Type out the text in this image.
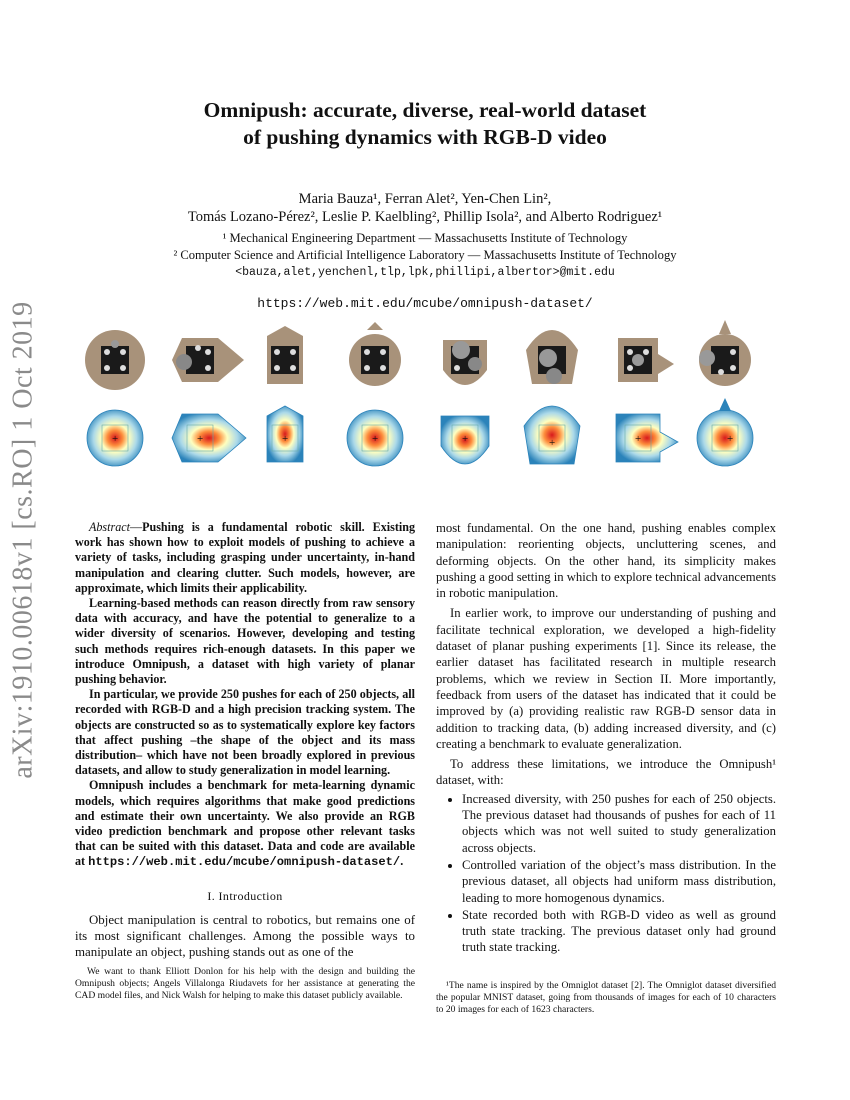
arXiv:1910.00618v1 [cs.RO] 1 Oct 2019
Omnipush: accurate, diverse, real-world dataset
of pushing dynamics with RGB-D video
Maria Bauza¹, Ferran Alet², Yen-Chen Lin²,
Tomás Lozano-Pérez², Leslie P. Kaelbling², Phillip Isola², and Alberto Rodriguez¹
¹ Mechanical Engineering Department — Massachusetts Institute of Technology
² Computer Science and Artificial Intelligence Laboratory — Massachusetts Institute of Technology
<bauza,alet,yenchenl,tlp,lpk,phillipi,albertor>@mit.edu
https://web.mit.edu/mcube/omnipush-dataset/
+	+	+	+	+	+	+	+

Abstract—Pushing is a fundamental robotic skill. Existing work has shown how to exploit models of pushing to achieve a variety of tasks, including grasping under uncertainty, in-hand manipulation and clearing clutter. Such models, however, are approximate, which limits their applicability.

Learning-based methods can reason directly from raw sensory data with accuracy, and have the potential to generalize to a wider diversity of scenarios. However, developing and testing such methods requires rich-enough datasets. In this paper we introduce Omnipush, a dataset with high variety of planar pushing behavior.

In particular, we provide 250 pushes for each of 250 objects, all recorded with RGB-D and a high precision tracking system. The objects are constructed so as to systematically explore key factors that affect pushing –the shape of the object and its mass distribution– which have not been broadly explored in previous datasets, and allow to study generalization in model learning.

Omnipush includes a benchmark for meta-learning dynamic models, which requires algorithms that make good predictions and estimate their own uncertainty. We also provide an RGB video prediction benchmark and propose other relevant tasks that can be suited with this dataset. Data and code are available at https://web.mit.edu/mcube/omnipush-dataset/.

I. Introduction

Object manipulation is central to robotics, but remains one of its most significant challenges. Among the possible ways to manipulate an object, pushing stands out as one of the

We want to thank Elliott Donlon for his help with the design and building the Omnipush objects; Angels Villalonga Riudavets for her assistance at generating the CAD model files, and Nick Walsh for helping to make this dataset publicly available.

most fundamental. On the one hand, pushing enables complex manipulation: reorienting objects, uncluttering scenes, and deforming objects. On the other hand, its simplicity makes pushing a good setting in which to explore technical advancements in robotic manipulation.

In earlier work, to improve our understanding of pushing and facilitate technical exploration, we developed a high-fidelity dataset of planar pushing experiments [1]. Since its release, the earlier dataset has facilitated research in multiple research problems, which we review in Section II. More importantly, feedback from users of the dataset has indicated that it could be improved by (a) providing realistic raw RGB-D sensor data in addition to tracking data, (b) adding increased diversity, and (c) creating a benchmark to evaluate generalization.

To address these limitations, we introduce the Omnipush¹ dataset, with:

• Increased diversity, with 250 pushes for each of 250 objects. The previous dataset had thousands of pushes for each of 11 objects which was not well suited to study generalization across objects.
• Controlled variation of the object’s mass distribution. In the previous dataset, all objects had uniform mass distribution, leading to more homogenous dynamics.
• State recorded both with RGB-D video as well as ground truth state tracking. The previous dataset only had ground truth state tracking.
¹The name is inspired by the Omniglot dataset [2]. The Omniglot dataset diversified the popular MNIST dataset, going from thousands of images for each of 10 characters to 20 images for each of 1623 characters.
